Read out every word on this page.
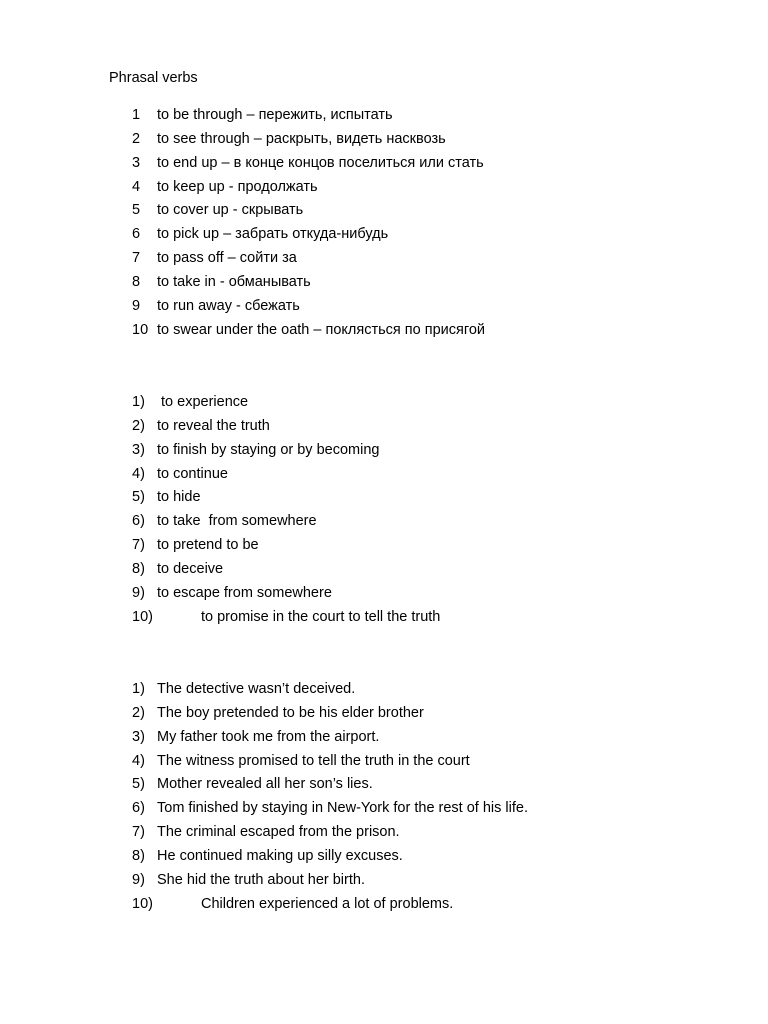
Phrasal verbs
1 to be through – пережить, испытать
2 to see through – раскрыть, видеть насквозь
3 to end up – в конце концов поселиться или стать
4 to keep up - продолжать
5 to cover up - скрывать
6 to pick up – забрать откуда-нибудь
7 to pass off – сойти за
8 to take in - обманывать
9 to run away - сбежать
10 to swear under the oath – поклясться по присягой
1) to experience
2) to reveal the truth
3) to finish by staying or by becoming
4) to continue
5) to hide
6) to take  from somewhere
7) to pretend to be
8) to deceive
9) to escape from somewhere
10)	to promise in the court to tell the truth
1) The detective wasn’t deceived.
2) The boy pretended to be his elder brother
3) My father took me from the airport.
4) The witness promised to tell the truth in the court
5) Mother revealed all her son’s lies.
6) Tom finished by staying in New-York for the rest of his life.
7) The criminal escaped from the prison.
8) He continued making up silly excuses.
9) She hid the truth about her birth.
10)	Children experienced a lot of problems.
